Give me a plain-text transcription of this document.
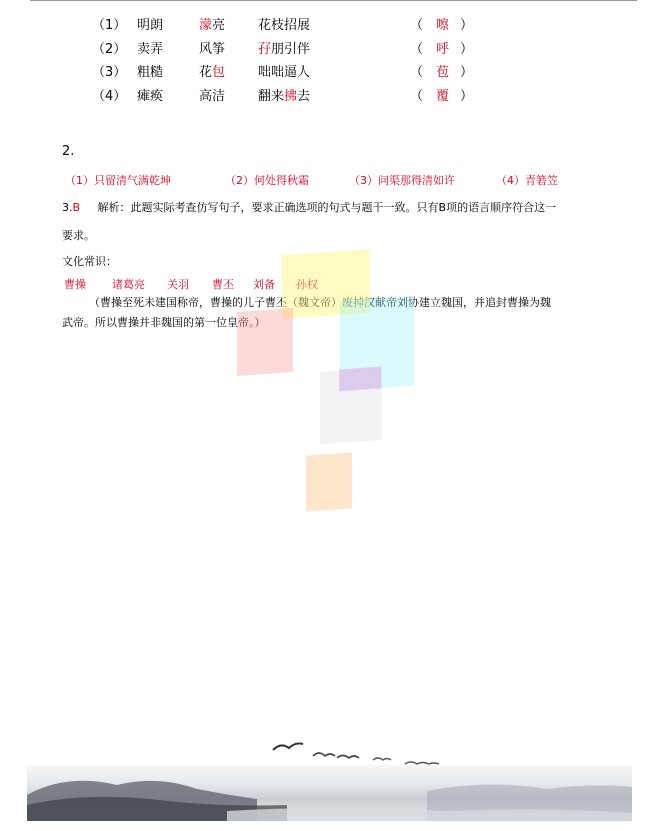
（1） 明朗	濛亮	花枝招展	（ 嚓 ）
（2） 卖弄	风筝	孖朋引伴	（ 呼 ）
（3） 粗糙	花包	咄咄逼人	（ 苞 ）
（4） 瘫痪	高洁	翻来拂去	（ 覆 ）
2.
（1）只留清气满乾坤	（2）何处得秋霜	（3）问渠那得清如许	（4）青箬笠
3.B 解析：此题实际考查仿写句子，要求正确选项的句式与题干一致。只有B项的语言顺序符合这一
要求。
文化常识：
曹操 诸葛亮 关羽 曹丕 刘备 孙权
（曹操至死未建国称帝，曹操的儿子曹丕（魏文帝）废掉汉献帝刘协建立魏国，并追封曹操为魏
武帝。所以曹操并非魏国的第一位皇帝。）
